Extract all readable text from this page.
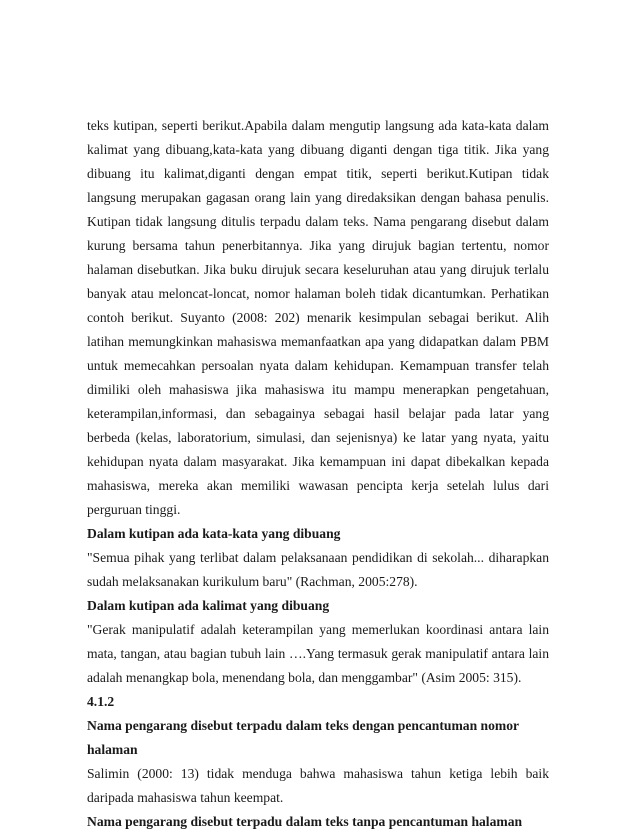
teks kutipan, seperti berikut.Apabila dalam mengutip langsung ada kata-kata dalam kalimat yang dibuang,kata-kata yang dibuang diganti dengan tiga titik. Jika yang dibuang itu kalimat,diganti dengan empat titik, seperti berikut.Kutipan tidak langsung merupakan gagasan orang lain yang diredaksikan dengan bahasa penulis. Kutipan tidak langsung ditulis terpadu dalam teks. Nama pengarang disebut dalam kurung bersama tahun penerbitannya. Jika yang dirujuk bagian tertentu, nomor halaman disebutkan. Jika buku dirujuk secara keseluruhan atau yang dirujuk terlalu banyak atau meloncat-loncat, nomor halaman boleh tidak dicantumkan. Perhatikan contoh berikut. Suyanto (2008: 202) menarik kesimpulan sebagai berikut. Alih latihan memungkinkan mahasiswa memanfaatkan apa yang didapatkan dalam PBM untuk memecahkan persoalan nyata dalam kehidupan. Kemampuan transfer telah dimiliki oleh mahasiswa jika mahasiswa itu mampu menerapkan pengetahuan, keterampilan,informasi, dan sebagainya sebagai hasil belajar pada latar yang berbeda (kelas, laboratorium, simulasi, dan sejenisnya) ke latar yang nyata, yaitu kehidupan nyata dalam masyarakat. Jika kemampuan ini dapat dibekalkan kepada mahasiswa, mereka akan memiliki wawasan pencipta kerja setelah lulus dari perguruan tinggi.

Dalam kutipan ada kata-kata yang dibuang

"Semua pihak yang terlibat dalam pelaksanaan pendidikan di sekolah... diharapkan sudah melaksanakan kurikulum baru" (Rachman, 2005:278).

Dalam kutipan ada kalimat yang dibuang

"Gerak manipulatif adalah keterampilan yang memerlukan koordinasi antara lain mata, tangan, atau bagian tubuh lain ….Yang termasuk gerak manipulatif antara lain adalah menangkap bola, menendang bola, dan menggambar" (Asim 2005: 315).

4.1.2

Nama pengarang disebut terpadu dalam teks dengan pencantuman nomor halaman

Salimin (2000: 13) tidak menduga bahwa mahasiswa tahun ketiga lebih baik daripada mahasiswa tahun keempat.

Nama pengarang disebut terpadu dalam teks tanpa pencantuman halaman
